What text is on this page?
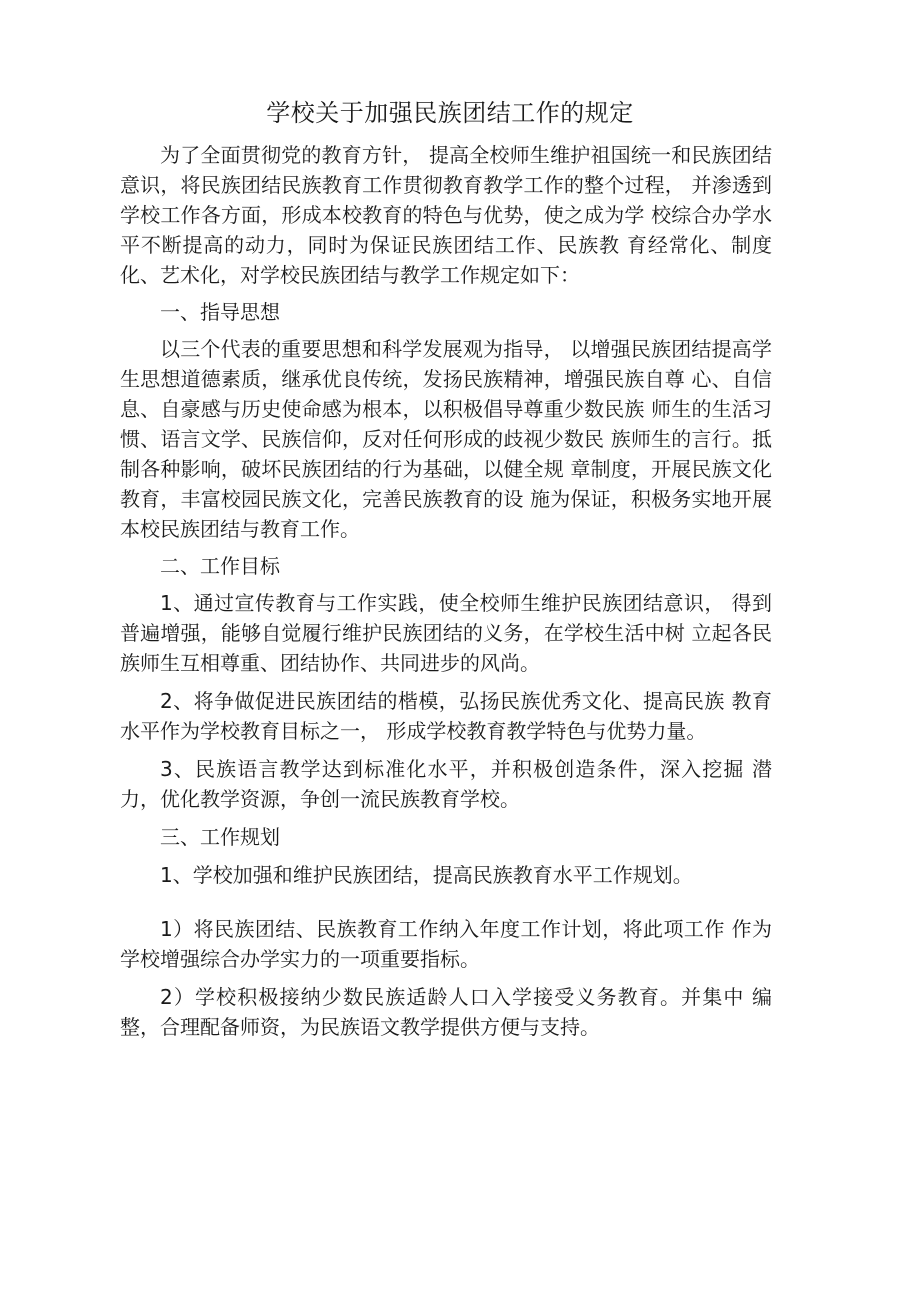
学校关于加强民族团结工作的规定

为了全面贯彻党的教育方针， 提高全校师生维护祖国统一和民族团结意识，将民族团结民族教育工作贯彻教育教学工作的整个过程， 并渗透到学校工作各方面，形成本校教育的特色与优势，使之成为学 校综合办学水平不断提高的动力，同时为保证民族团结工作、民族教 育经常化、制度化、艺术化，对学校民族团结与教学工作规定如下：

一、指导思想

以三个代表的重要思想和科学发展观为指导， 以增强民族团结提高学生思想道德素质，继承优良传统，发扬民族精神，增强民族自尊 心、自信息、自豪感与历史使命感为根本，以积极倡导尊重少数民族 师生的生活习惯、语言文学、民族信仰，反对任何形成的歧视少数民 族师生的言行。抵制各种影响，破坏民族团结的行为基础，以健全规 章制度，开展民族文化教育，丰富校园民族文化，完善民族教育的设 施为保证，积极务实地开展本校民族团结与教育工作。

二、工作目标

1、通过宣传教育与工作实践，使全校师生维护民族团结意识， 得到普遍增强，能够自觉履行维护民族团结的义务，在学校生活中树 立起各民族师生互相尊重、团结协作、共同进步的风尚。

2、将争做促进民族团结的楷模，弘扬民族优秀文化、提高民族 教育水平作为学校教育目标之一， 形成学校教育教学特色与优势力量。

3、民族语言教学达到标准化水平，并积极创造条件，深入挖掘 潜力，优化教学资源，争创一流民族教育学校。

三、工作规划

1、学校加强和维护民族团结，提高民族教育水平工作规划。

1）将民族团结、民族教育工作纳入年度工作计划，将此项工作 作为学校增强综合办学实力的一项重要指标。

2）学校积极接纳少数民族适龄人口入学接受义务教育。并集中 编整，合理配备师资，为民族语文教学提供方便与支持。
